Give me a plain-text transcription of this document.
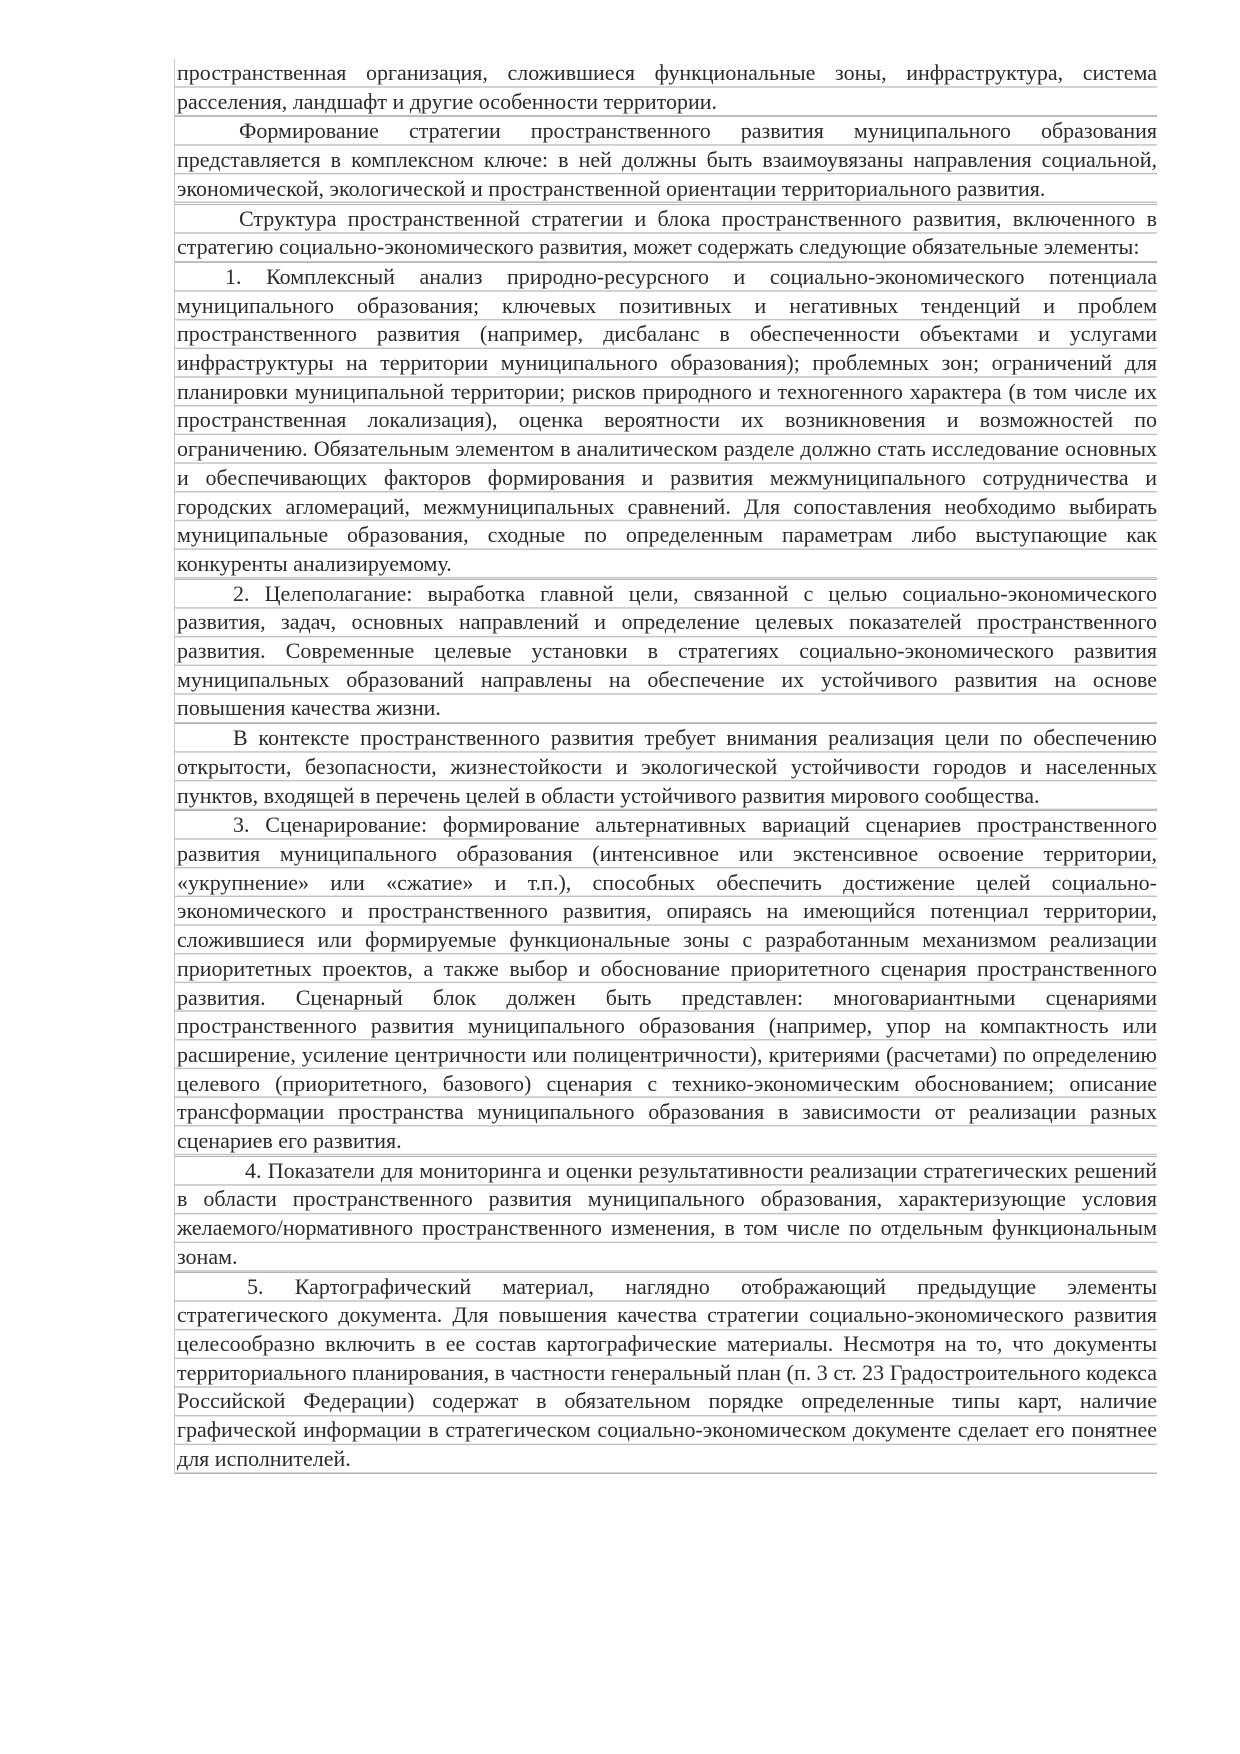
пространственная организация, сложившиеся функциональные зоны, инфраструктура, система расселения, ландшафт и другие особенности территории.

Формирование стратегии пространственного развития муниципального образования представляется в комплексном ключе: в ней должны быть взаимоувязаны направления социальной, экономической, экологической и пространственной ориентации территориального развития.

Структура пространственной стратегии и блока пространственного развития, включенного в стратегию социально-экономического развития, может содержать следующие обязательные элементы:

1. Комплексный анализ природно-ресурсного и социально-экономического потенциала муниципального образования; ключевых позитивных и негативных тенденций и проблем пространственного развития (например, дисбаланс в обеспеченности объектами и услугами инфраструктуры на территории муниципального образования); проблемных зон; ограничений для планировки муниципальной территории; рисков природного и техногенного характера (в том числе их пространственная локализация), оценка вероятности их возникновения и возможностей по ограничению. Обязательным элементом в аналитическом разделе должно стать исследование основных и обеспечивающих факторов формирования и развития межмуниципального сотрудничества и городских агломераций, межмуниципальных сравнений. Для сопоставления необходимо выбирать муниципальные образования, сходные по определенным параметрам либо выступающие как конкуренты анализируемому.

2. Целеполагание: выработка главной цели, связанной с целью социально-экономического развития, задач, основных направлений и определение целевых показателей пространственного развития. Современные целевые установки в стратегиях социально-экономического развития муниципальных образований направлены на обеспечение их устойчивого развития на основе повышения качества жизни.

В контексте пространственного развития требует внимания реализация цели по обеспечению открытости, безопасности, жизнестойкости и экологической устойчивости городов и населенных пунктов, входящей в перечень целей в области устойчивого развития мирового сообщества.

3. Сценарирование: формирование альтернативных вариаций сценариев пространственного развития муниципального образования (интенсивное или экстенсивное освоение территории, «укрупнение» или «сжатие» и т.п.), способных обеспечить достижение целей социально-экономического и пространственного развития, опираясь на имеющийся потенциал территории, сложившиеся или формируемые функциональные зоны с разработанным механизмом реализации приоритетных проектов, а также выбор и обоснование приоритетного сценария пространственного развития. Сценарный блок должен быть представлен: многовариантными сценариями пространственного развития муниципального образования (например, упор на компактность или расширение, усиление центричности или полицентричности), критериями (расчетами) по определению целевого (приоритетного, базового) сценария с технико-экономическим обоснованием; описание трансформации пространства муниципального образования в зависимости от реализации разных сценариев его развития.

4. Показатели для мониторинга и оценки результативности реализации стратегических решений в области пространственного развития муниципального образования, характеризующие условия желаемого/нормативного пространственного изменения, в том числе по отдельным функциональным зонам.

5. Картографический материал, наглядно отображающий предыдущие элементы стратегического документа. Для повышения качества стратегии социально-экономического развития целесообразно включить в ее состав картографические материалы. Несмотря на то, что документы территориального планирования, в частности генеральный план (п. 3 ст. 23 Градостроительного кодекса Российской Федерации) содержат в обязательном порядке определенные типы карт, наличие графической информации в стратегическом социально-экономическом документе сделает его понятнее для исполнителей.
